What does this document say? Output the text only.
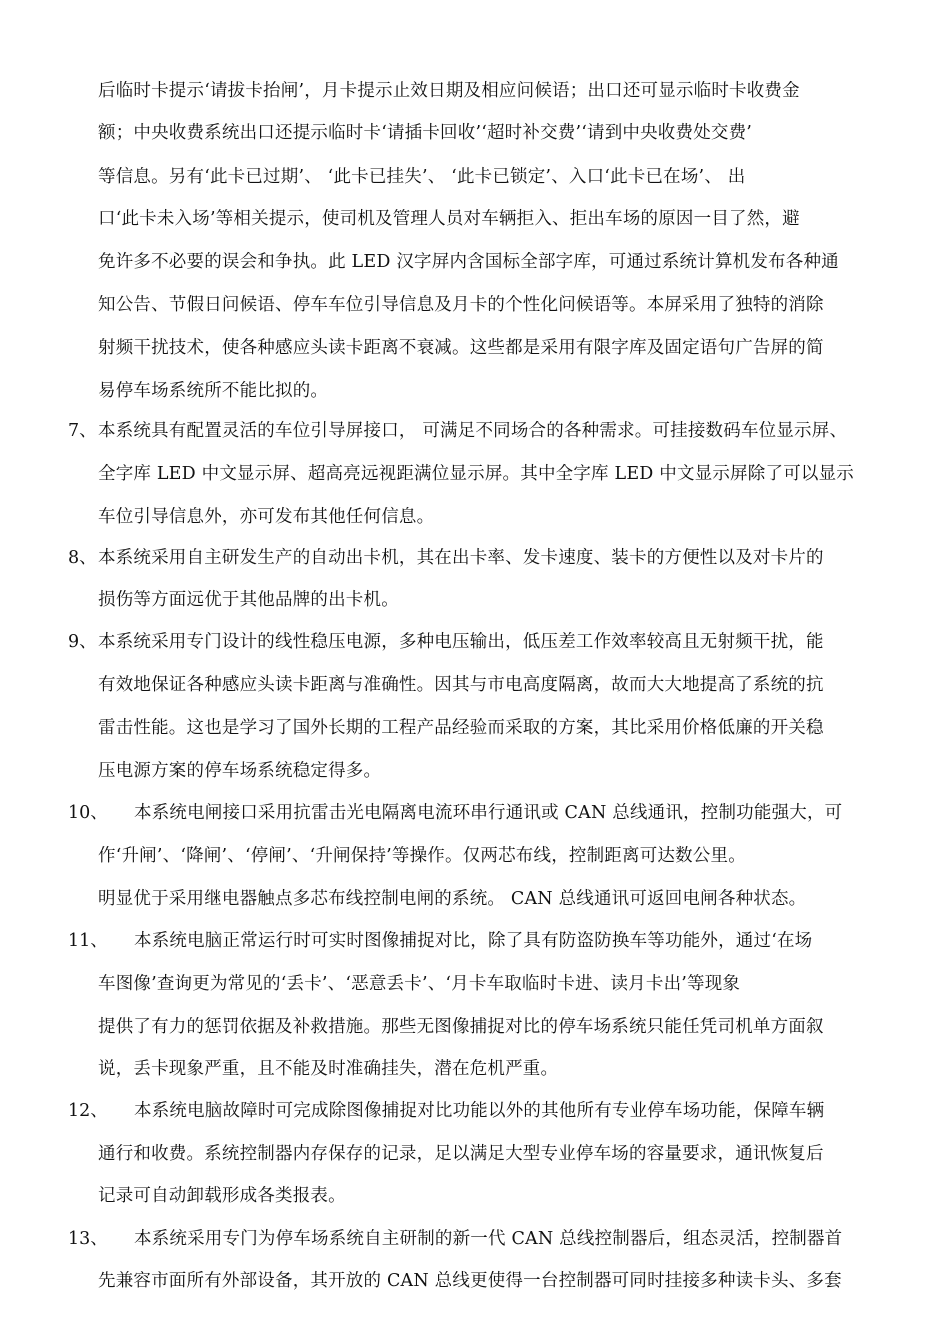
后临时卡提示‘请拔卡抬闸’，月卡提示止效日期及相应问候语；出口还可显示临时卡收费金
额；中央收费系统出口还提示临时卡‘请插卡回收’‘超时补交费’‘请到中央收费处交费’
等信息。另有‘此卡已过期’、 ‘此卡已挂失’、 ‘此卡已锁定’、入口‘此卡已在场’、 出
口‘此卡未入场’等相关提示，使司机及管理人员对车辆拒入、拒出车场的原因一目了然，避
免许多不必要的误会和争执。此 LED 汉字屏内含国标全部字库，可通过系统计算机发布各种通
知公告、节假日问候语、停车车位引导信息及月卡的个性化问候语等。本屏采用了独特的消除
射频干扰技术，使各种感应头读卡距离不衰减。这些都是采用有限字库及固定语句广告屏的简
易停车场系统所不能比拟的。
7、 本系统具有配置灵活的车位引导屏接口， 可满足不同场合的各种需求。可挂接数码车位显示屏、
全字库 LED 中文显示屏、超高亮远视距满位显示屏。其中全字库 LED 中文显示屏除了可以显示
车位引导信息外，亦可发布其他任何信息。
8、 本系统采用自主研发生产的自动出卡机，其在出卡率、发卡速度、装卡的方便性以及对卡片的
损伤等方面远优于其他品牌的出卡机。
9、 本系统采用专门设计的线性稳压电源，多种电压输出，低压差工作效率较高且无射频干扰，能
有效地保证各种感应头读卡距离与准确性。因其与市电高度隔离，故而大大地提高了系统的抗
雷击性能。这也是学习了国外长期的工程产品经验而采取的方案，其比采用价格低廉的开关稳
压电源方案的停车场系统稳定得多。
10、 本系统电闸接口采用抗雷击光电隔离电流环串行通讯或 CAN 总线通讯，控制功能强大，可
作‘升闸’、‘降闸’、‘停闸’、‘升闸保持’等操作。仅两芯布线，控制距离可达数公里。
明显优于采用继电器触点多芯布线控制电闸的系统。 CAN 总线通讯可返回电闸各种状态。
11、 本系统电脑正常运行时可实时图像捕捉对比，除了具有防盗防换车等功能外，通过‘在场
车图像’查询更为常见的‘丢卡’、‘恶意丢卡’、‘月卡车取临时卡进、读月卡出’等现象
提供了有力的惩罚依据及补救措施。那些无图像捕捉对比的停车场系统只能任凭司机单方面叙
说，丢卡现象严重，且不能及时准确挂失，潜在危机严重。
12、 本系统电脑故障时可完成除图像捕捉对比功能以外的其他所有专业停车场功能，保障车辆
通行和收费。系统控制器内存保存的记录，足以满足大型专业停车场的容量要求，通讯恢复后
记录可自动卸载形成各类报表。
13、 本系统采用专门为停车场系统自主研制的新一代 CAN 总线控制器后，组态灵活，控制器首
先兼容市面所有外部设备，其开放的 CAN 总线更使得一台控制器可同时挂接多种读卡头、多套
